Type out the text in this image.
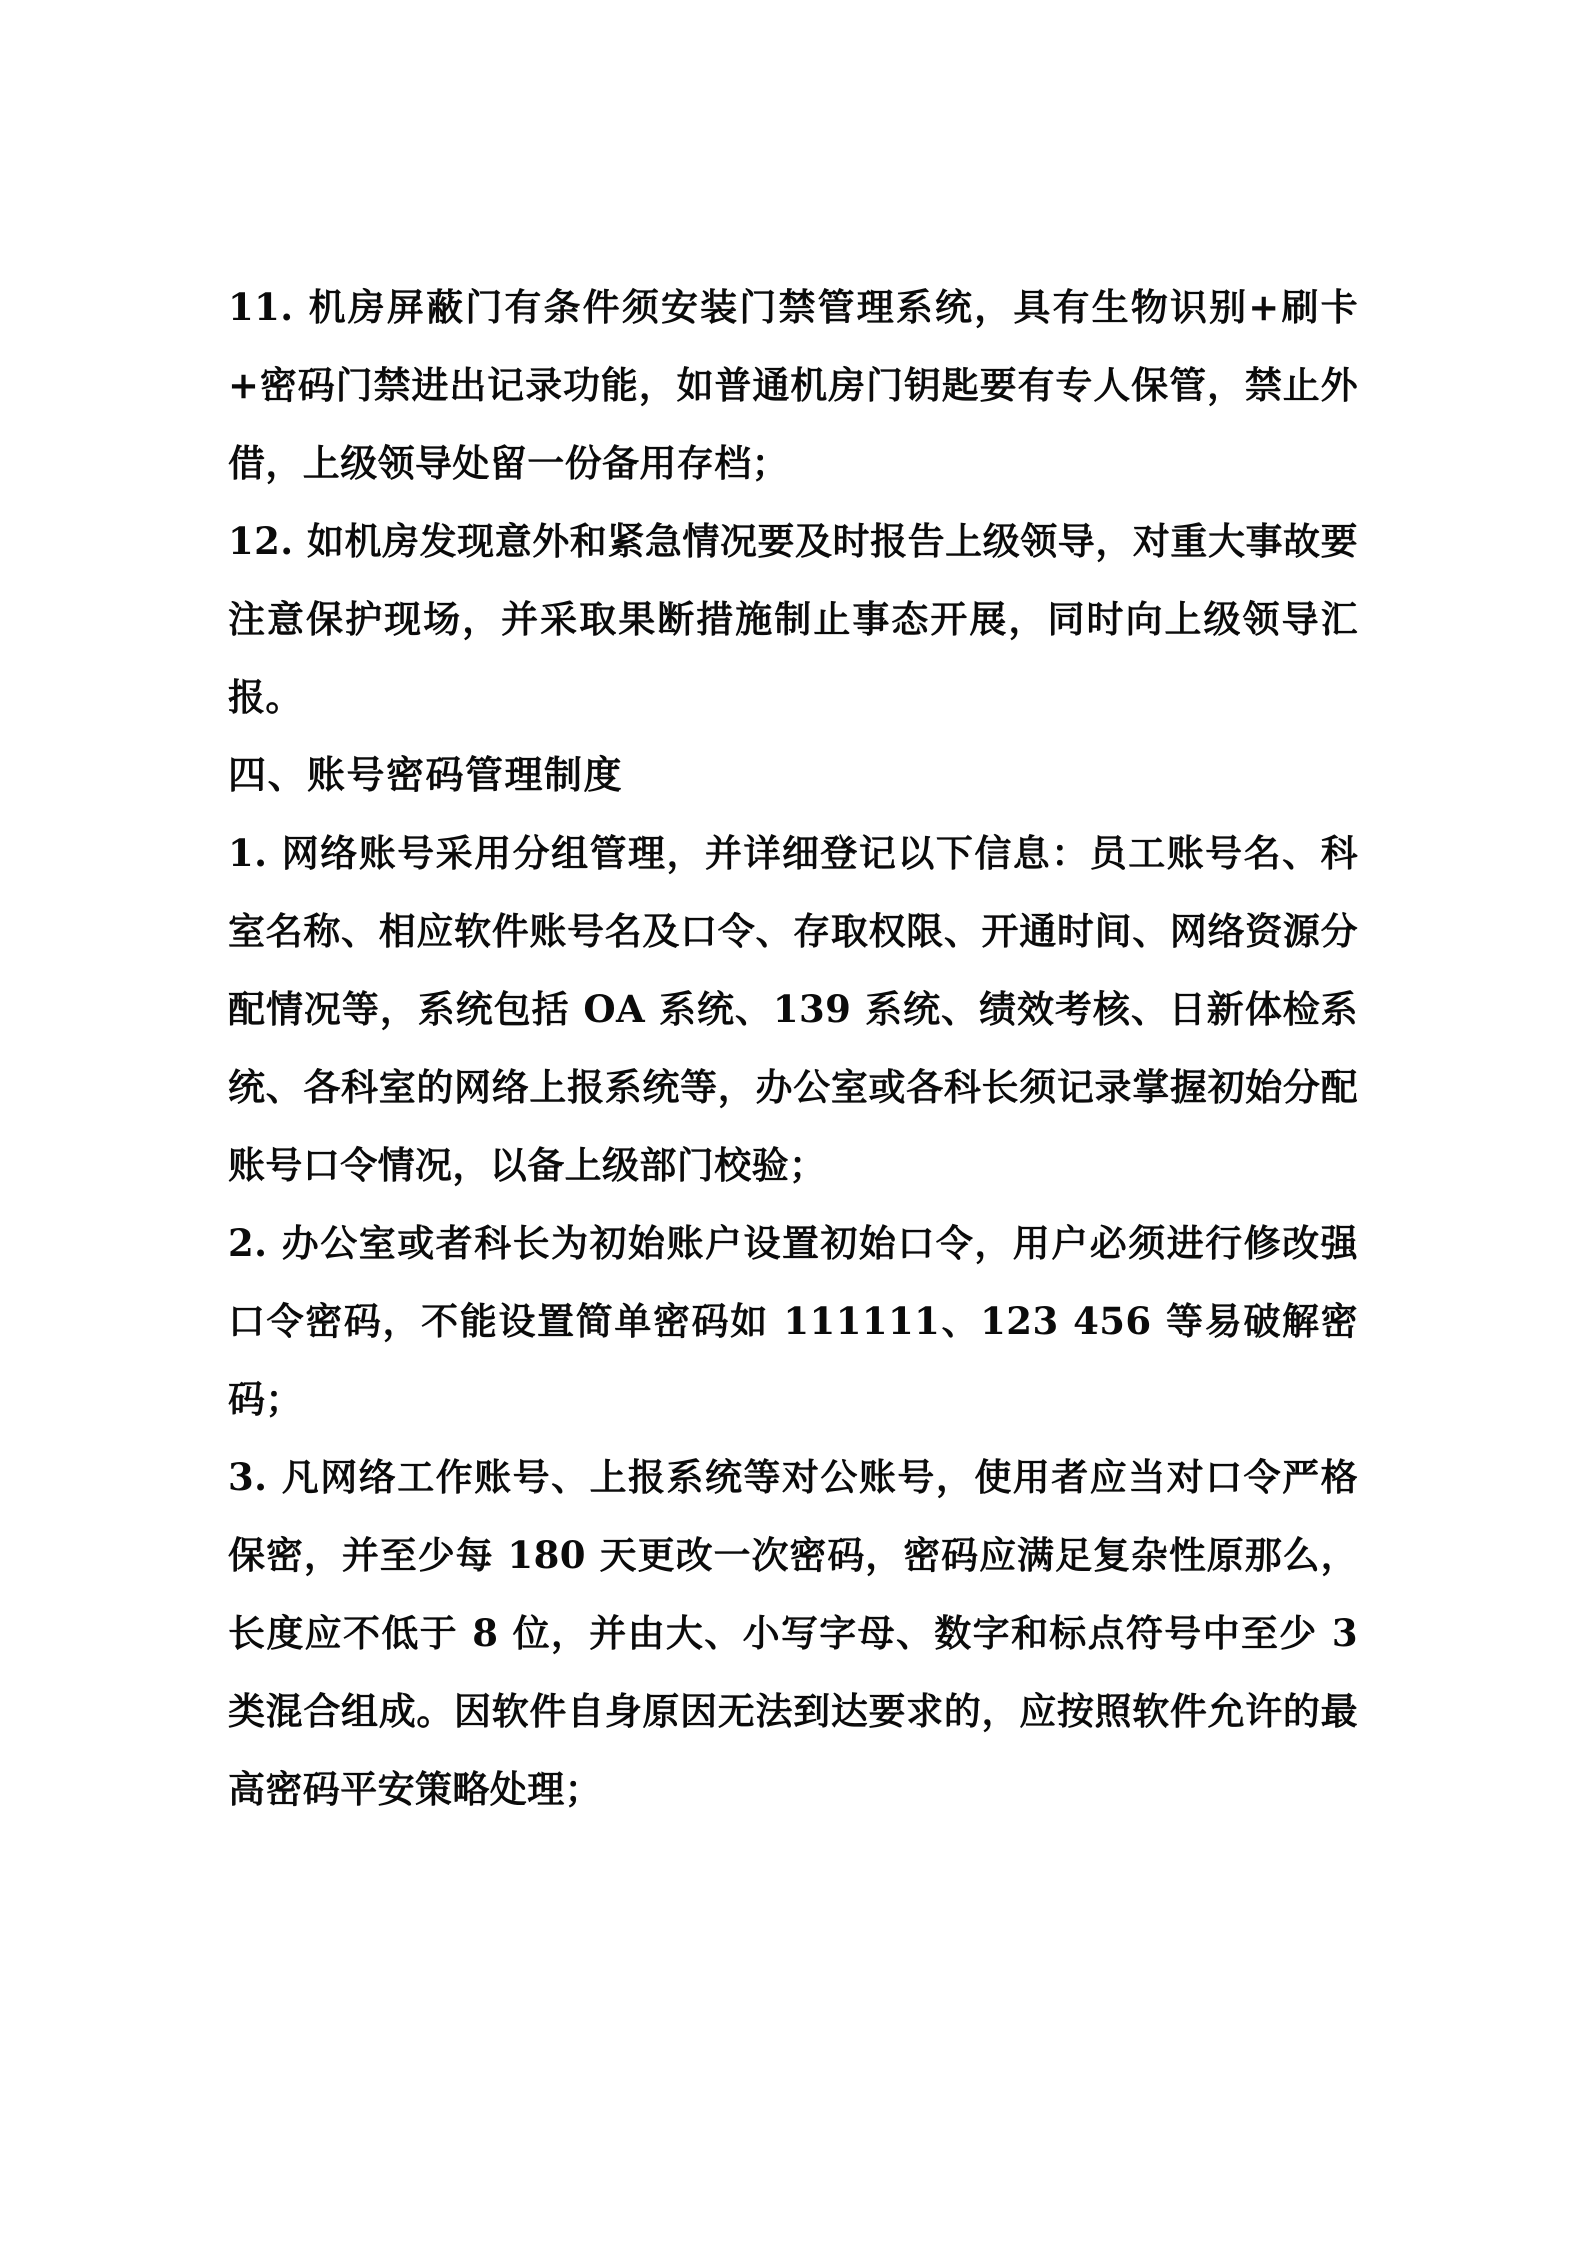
11. 机房屏蔽门有条件须安装门禁管理系统，具有生物识别+刷卡+密码门禁进出记录功能，如普通机房门钥匙要有专人保管，禁止外借，上级领导处留一份备用存档；

12. 如机房发现意外和紧急情况要及时报告上级领导，对重大事故要注意保护现场，并采取果断措施制止事态开展，同时向上级领导汇报。

四、账号密码管理制度

1. 网络账号采用分组管理，并详细登记以下信息：员工账号名、科室名称、相应软件账号名及口令、存取权限、开通时间、网络资源分配情况等，系统包括 OA 系统、139 系统、绩效考核、日新体检系统、各科室的网络上报系统等，办公室或各科长须记录掌握初始分配账号口令情况，以备上级部门校验；

2. 办公室或者科长为初始账户设置初始口令，用户必须进行修改强口令密码，不能设置简单密码如 111111、123 456 等易破解密码；

3. 凡网络工作账号、上报系统等对公账号，使用者应当对口令严格保密，并至少每 180 天更改一次密码，密码应满足复杂性原那么，长度应不低于 8 位，并由大、小写字母、数字和标点符号中至少 3 类混合组成。因软件自身原因无法到达要求的，应按照软件允许的最高密码平安策略处理；
